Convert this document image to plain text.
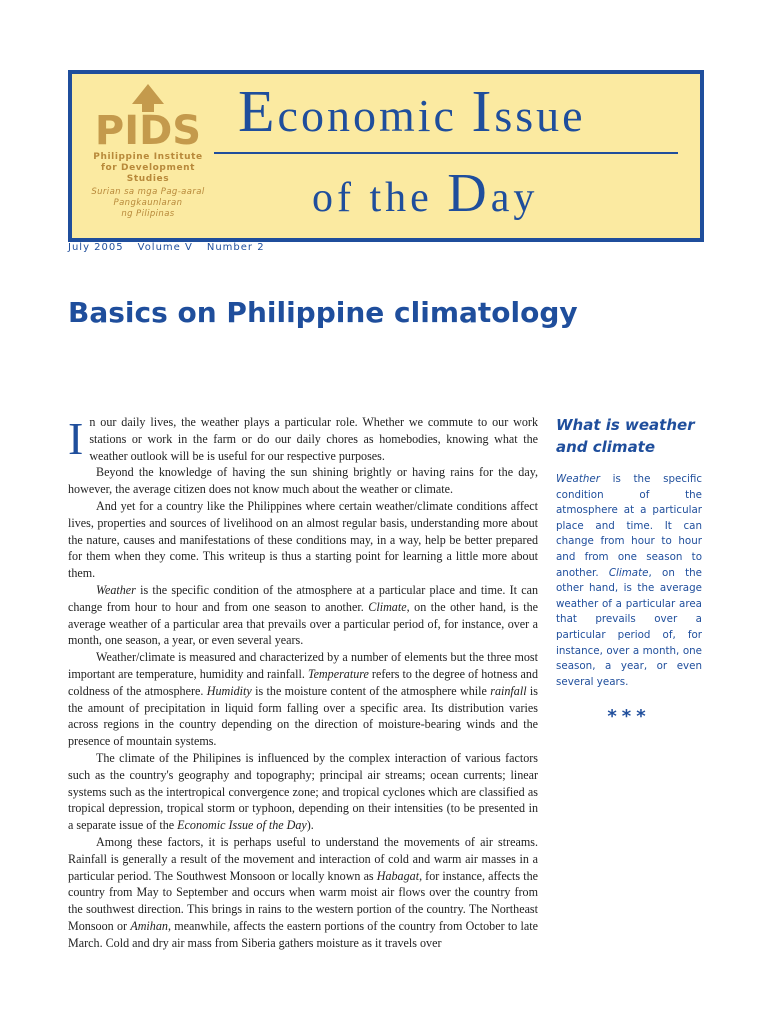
PIDS
Philippine Institute
for Development
Studies
Surian sa mga Pag-aaral
Pangkaunlaran
ng Pilipinas
Economic Issue
of the Day
July 2005 Volume V Number 2
Basics on Philippine climatology

In our daily lives, the weather plays a particular role. Whether we commute to our work stations or work in the farm or do our daily chores as homebodies, knowing what the weather outlook will be is useful for our respective purposes.

Beyond the knowledge of having the sun shining brightly or having rains for the day, however, the average citizen does not know much about the weather or climate.

And yet for a country like the Philippines where certain weather/climate conditions affect lives, properties and sources of livelihood on an almost regular basis, understanding more about the nature, causes and manifestations of these conditions may, in a way, help be better prepared for them when they come. This writeup is thus a starting point for learning a little more about them.

Weather is the specific condition of the atmosphere at a particular place and time. It can change from hour to hour and from one season to another. Climate, on the other hand, is the average weather of a particular area that prevails over a particular period of, for instance, over a month, one season, a year, or even several years.

Weather/climate is measured and characterized by a number of elements but the three most important are temperature, humidity and rainfall. Temperature refers to the degree of hotness and coldness of the atmosphere. Humidity is the moisture content of the atmosphere while rainfall is the amount of precipitation in liquid form falling over a specific area. Its distribution varies across regions in the country depending on the direction of moisture-bearing winds and the presence of mountain systems.

The climate of the Philipines is influenced by the complex interaction of various factors such as the country's geography and topography; principal air streams; ocean currents; linear systems such as the intertropical convergence zone; and tropical cyclones which are classified as tropical depression, tropical storm or typhoon, depending on their intensities (to be presented in a separate issue of the Economic Issue of the Day).

Among these factors, it is perhaps useful to understand the movements of air streams. Rainfall is generally a result of the movement and interaction of cold and warm air masses in a particular period. The Southwest Monsoon or locally known as Habagat, for instance, affects the country from May to September and occurs when warm moist air flows over the country from the southwest direction. This brings in rains to the western portion of the country. The Northeast Monsoon or Amihan, meanwhile, affects the eastern portions of the country from October to late March. Cold and dry air mass from Siberia gathers moisture as it travels over

What is weather and climate
Weather is the specific condition of the atmosphere at a particular place and time. It can change from hour to hour and from one season to another. Climate, on the other hand, is the average weather of a particular area that prevails over a particular period of, for instance, over a month, one season, a year, or even several years.
***
